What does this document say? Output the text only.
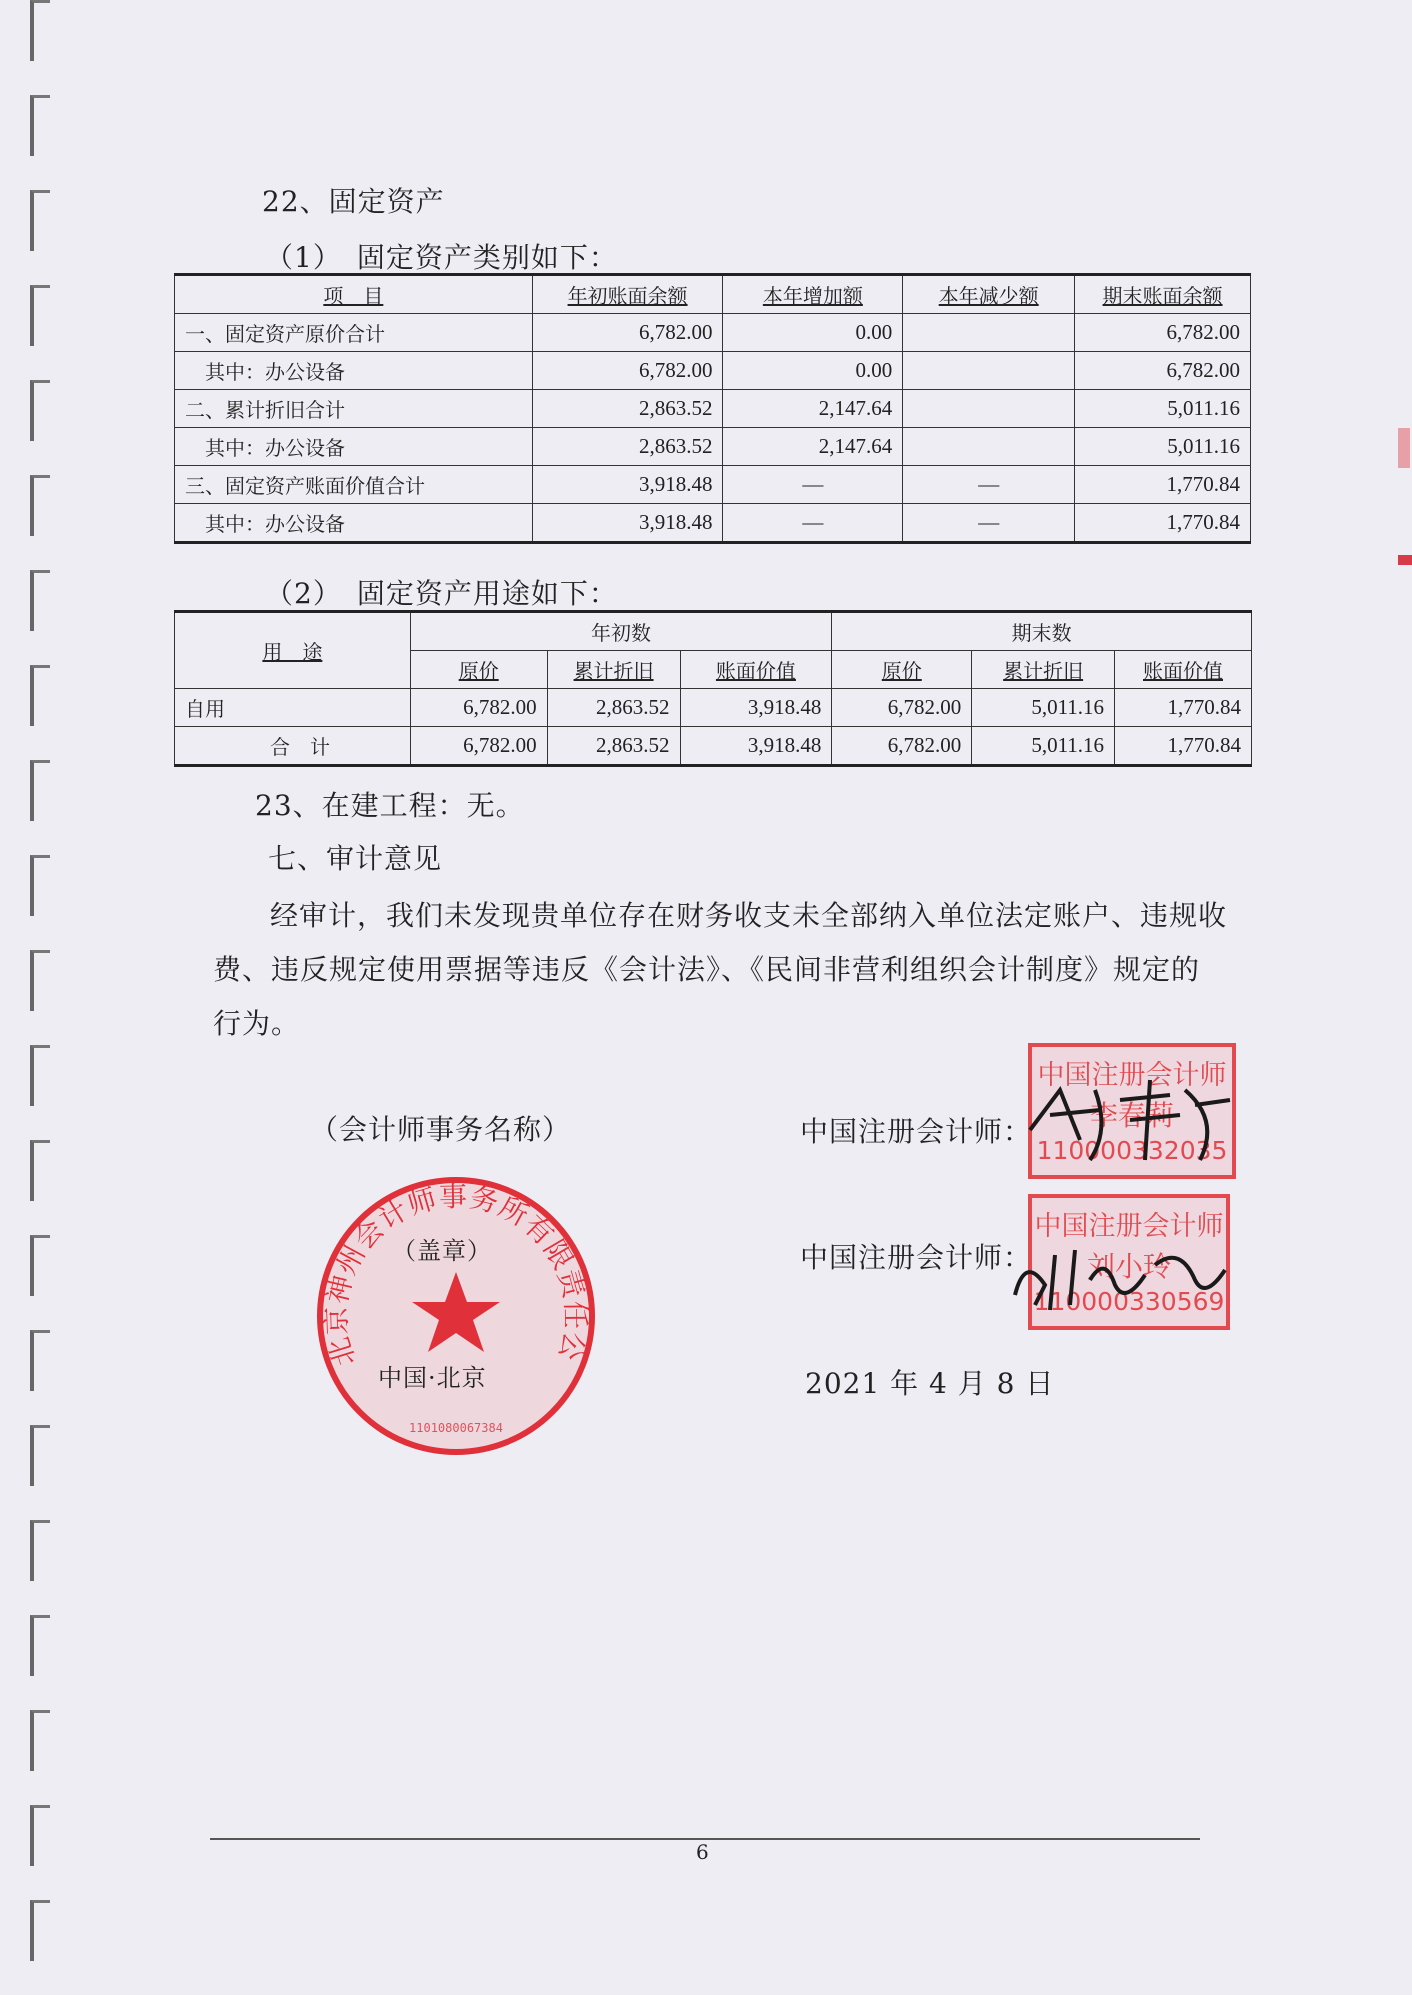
22、固定资产
（1）　固定资产类别如下：
项　目	年初账面余额	本年增加额	本年减少额	期末账面余额
一、固定资产原价合计	6,782.00	0.00		6,782.00
　其中：办公设备	6,782.00	0.00		6,782.00
二、累计折旧合计	2,863.52	2,147.64		5,011.16
　其中：办公设备	2,863.52	2,147.64		5,011.16
三、固定资产账面价值合计	3,918.48	—	—	1,770.84
　其中：办公设备	3,918.48	—	—	1,770.84
（2）　固定资产用途如下：
用　途	年初数			期末数		
	原价	累计折旧	账面价值	原价	累计折旧	账面价值
自用	6,782.00	2,863.52	3,918.48	6,782.00	5,011.16	1,770.84
合　计	6,782.00	2,863.52	3,918.48	6,782.00	5,011.16	1,770.84
23、在建工程：无。
七、审计意见
经审计，我们未发现贵单位存在财务收支未全部纳入单位法定账户、违规收
费、违反规定使用票据等违反《会计法》、《民间非营利组织会计制度》规定的
行为。
（会计师事务名称）	中国注册会计师：
中国注册会计师：
2021 年 4 月 8 日
北京神州会计师事务所有限责任公
1101080067384
（盖章）
中国·北京
中国注册会计师
李春莉
110000332035
中国注册会计师
刘小玲
110000330569
6
